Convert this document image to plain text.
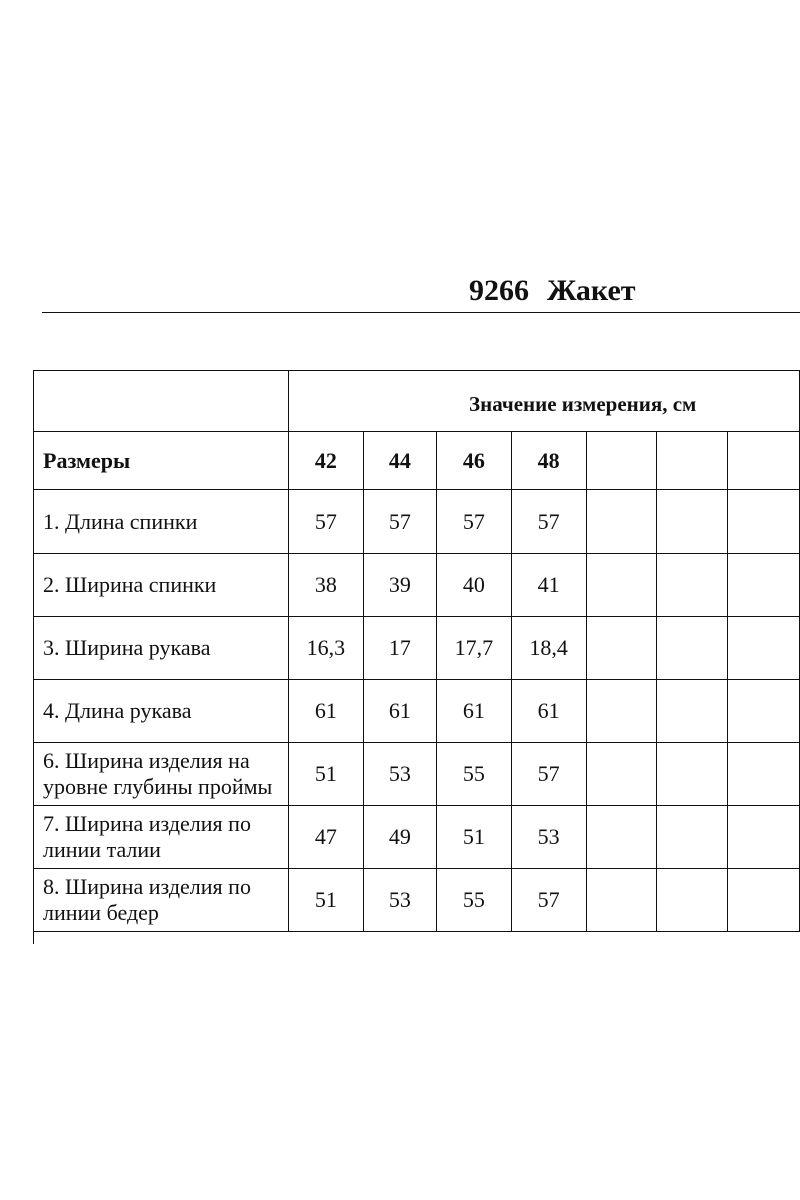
9266 Жакет
	Значение измерения, см						
Размеры	42	44	46	48			

1. Длина спинки	57	57	57	57			

2. Ширина спинки	38	39	40	41			

3. Ширина рукава	16,3	17	17,7	18,4			

4. Длина рукава	61	61	61	61			

6. Ширина изделия на
уровне глубины проймы	51	53	55	57			

7. Ширина изделия по
линии талии	47	49	51	53			

8. Ширина изделия по
линии бедер	51	53	55	57			
